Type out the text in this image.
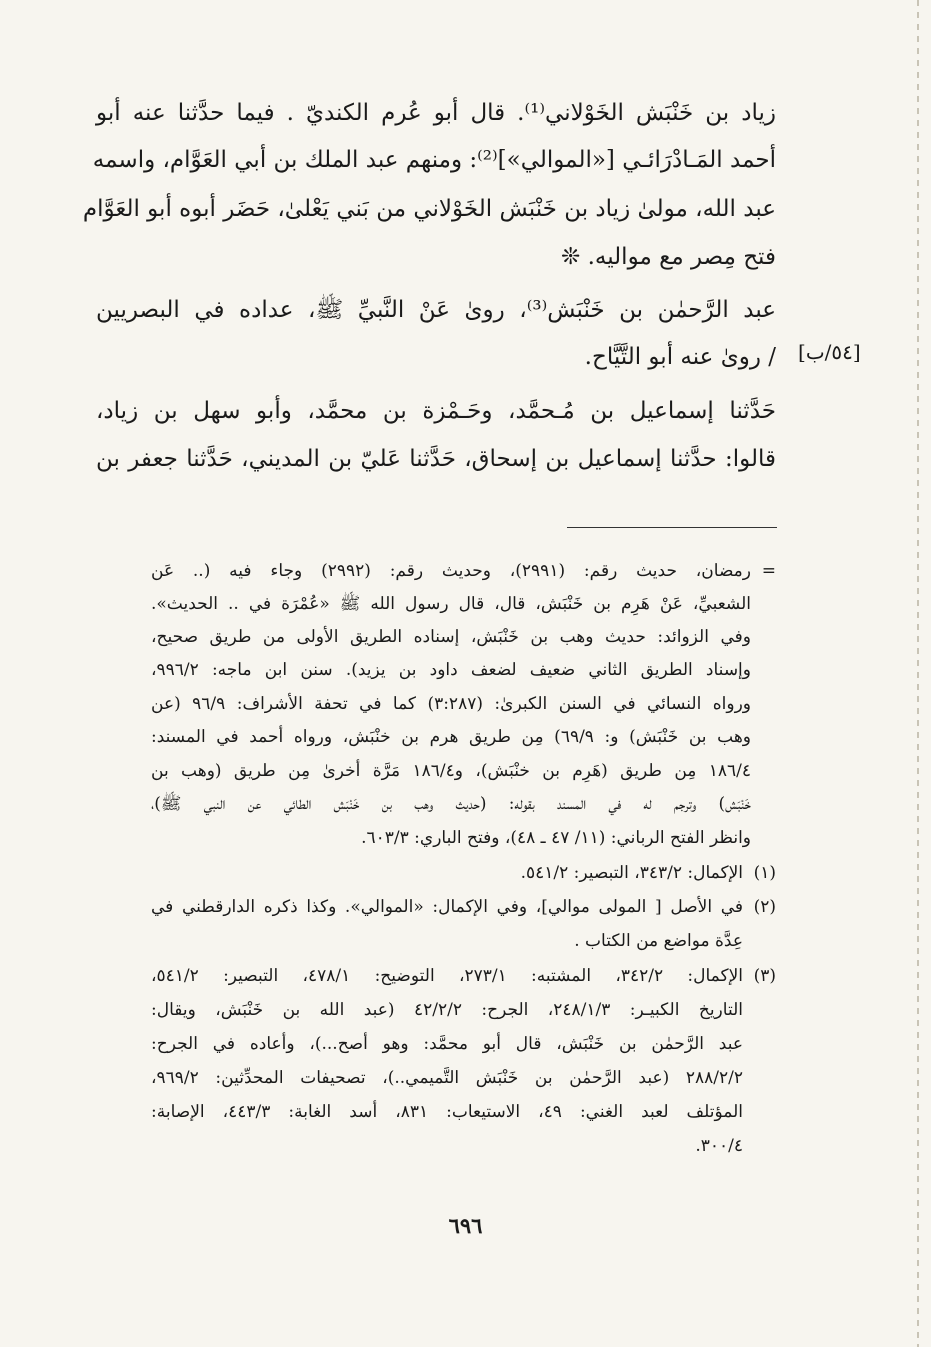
زياد بن خَنْبَش الخَوْلاني⁽¹⁾. قال أبو عُرم الكنديّ . فيما حدَّثنا عنه أبو
أحمد المَـادْرَائـي [«الموالي»]⁽²⁾: ومنهم عبد الملك بن أبي العَوَّام، واسمه
عبد الله، مولىٰ زياد بن خَنْبَش الخَوْلاني من بَني يَعْلىٰ، حَضَر أبوه أبو العَوَّام
فتح مِصر مع مواليه. ❊
عبد الرَّحمٰن بن خَنْبَش⁽³⁾، روىٰ عَنْ النَّبيِّ ﷺ، عداده في البصريين
/ روىٰ عنه أبو التَّيَّاح. [٥٤/ب]
حَدَّثنا إسماعيل بن مُـحمَّد، وحَـمْزة بن محمَّد، وأبو سهل بن زياد،
قالوا: حدَّثنا إسماعيل بن إسحاق، حَدَّثنا عَليّ بن المديني، حَدَّثنا جعفر بن
=
رمضان، حديث رقم: (٢٩٩١)، وحديث رقم: (٢٩٩٢) وجاء فيه (.. عَن
الشعبيِّ، عَنْ هَرِم بن خَنْبَش، قال، قال رسول الله ﷺ «عُمْرَة في .. الحديث».
وفي الزوائد: حديث وهب بن خَنْبَش، إسناده الطريق الأولى من طريق صحيح،
وإسناد الطريق الثاني ضعيف لضعف داود بن يزيد). سنن ابن ماجه: ٩٩٦/٢،
ورواه النسائي في السنن الكبرىٰ: (٣:٢٨٧) كما في تحفة الأشراف: ٩٦/٩ (عن
وهب بن خَنْبَش) و: ٦٩/٩) مِن طريق هرم بن خنْبَش، ورواه أحمد في المسند:
١٨٦/٤ مِن طريق (هَرِم بن خنْبَش)، و١٨٦/٤ مَرَّة أخرىٰ مِن طريق (وهب بن
خَنْبَش) وترجم له في المسند بقوله: (حديث وهب بن خَنْبَش الطائي عن النبي ﷺ)،
وانظر الفتح الرباني: (١١/ ٤٧ ـ ٤٨)، وفتح الباري: ٦٠٣/٣.
(١)
الإكمال: ٣٤٣/٢، التبصير: ٥٤١/٢.
(٢)
في الأصل [ المولى موالي]، وفي الإكمال: «الموالي». وكذا ذكره الدارقطني في
عِدَّة مواضع من الكتاب .
(٣)
الإكمال: ٣٤٢/٢، المشتبه: ٢٧٣/١، التوضيح: ٤٧٨/١، التبصير: ٥٤١/٢،
التاريخ الكبيـر: ٢٤٨/١/٣، الجرح: ٤٢/٢/٢ (عبد الله بن خَنْبَش، ويقال:
عبد الرَّحمٰن بن خَنْبَش، قال أبو محمَّد: وهو أصح...)، وأعاده في الجرح:
٢٨٨/٢/٢ (عبد الرَّحمٰن بن خَنْبَش التَّميمي..)، تصحيفات المحدِّثين: ٩٦٩/٢،
المؤتلف لعبد الغني: ٤٩، الاستيعاب: ٨٣١، أسد الغابة: ٤٤٣/٣، الإصابة:
٣٠٠/٤.
٦٩٦
